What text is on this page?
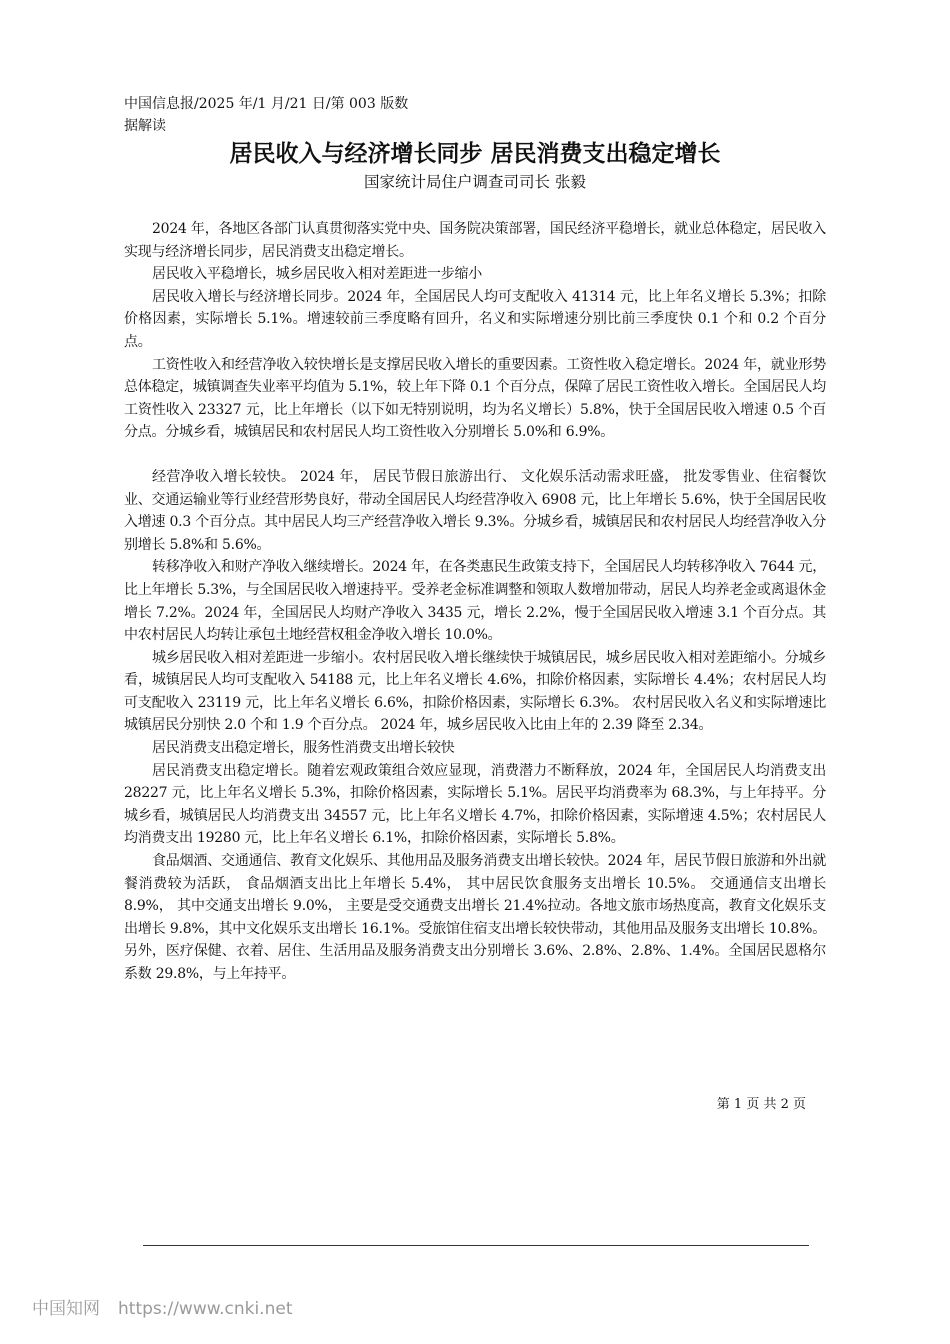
中国信息报/2025 年/1 月/21 日/第 003 版数据解读
居民收入与经济增长同步 居民消费支出稳定增长
国家统计局住户调查司司长 张毅

2024 年，各地区各部门认真贯彻落实党中央、国务院决策部署，国民经济平稳增长，就业总体稳定，居民收入实现与经济增长同步，居民消费支出稳定增长。

居民收入平稳增长，城乡居民收入相对差距进一步缩小

居民收入增长与经济增长同步。2024 年，全国居民人均可支配收入 41314 元，比上年名义增长 5.3%；扣除价格因素，实际增长 5.1%。增速较前三季度略有回升，名义和实际增速分别比前三季度快 0.1 个和 0.2 个百分点。

工资性收入和经营净收入较快增长是支撑居民收入增长的重要因素。工资性收入稳定增长。2024 年，就业形势总体稳定，城镇调查失业率平均值为 5.1%，较上年下降 0.1 个百分点，保障了居民工资性收入增长。全国居民人均工资性收入 23327 元，比上年增长（以下如无特别说明，均为名义增长）5.8%，快于全国居民收入增速 0.5 个百分点。分城乡看，城镇居民和农村居民人均工资性收入分别增长 5.0%和 6.9%。

经营净收入增长较快。 2024 年， 居民节假日旅游出行、 文化娱乐活动需求旺盛， 批发零售业、住宿餐饮业、交通运输业等行业经营形势良好，带动全国居民人均经营净收入 6908 元，比上年增长 5.6%，快于全国居民收入增速 0.3 个百分点。其中居民人均三产经营净收入增长 9.3%。分城乡看，城镇居民和农村居民人均经营净收入分别增长 5.8%和 5.6%。

转移净收入和财产净收入继续增长。2024 年，在各类惠民生政策支持下，全国居民人均转移净收入 7644 元，比上年增长 5.3%，与全国居民收入增速持平。受养老金标准调整和领取人数增加带动，居民人均养老金或离退休金增长 7.2%。2024 年，全国居民人均财产净收入 3435 元，增长 2.2%，慢于全国居民收入增速 3.1 个百分点。其中农村居民人均转让承包土地经营权租金净收入增长 10.0%。

城乡居民收入相对差距进一步缩小。农村居民收入增长继续快于城镇居民，城乡居民收入相对差距缩小。分城乡看，城镇居民人均可支配收入 54188 元，比上年名义增长 4.6%，扣除价格因素，实际增长 4.4%；农村居民人均可支配收入 23119 元，比上年名义增长 6.6%，扣除价格因素，实际增长 6.3%。 农村居民收入名义和实际增速比城镇居民分别快 2.0 个和 1.9 个百分点。 2024 年，城乡居民收入比由上年的 2.39 降至 2.34。

居民消费支出稳定增长，服务性消费支出增长较快

居民消费支出稳定增长。随着宏观政策组合效应显现，消费潜力不断释放，2024 年，全国居民人均消费支出 28227 元，比上年名义增长 5.3%，扣除价格因素，实际增长 5.1%。居民平均消费率为 68.3%，与上年持平。分城乡看，城镇居民人均消费支出 34557 元，比上年名义增长 4.7%，扣除价格因素，实际增速 4.5%；农村居民人均消费支出 19280 元，比上年名义增长 6.1%，扣除价格因素，实际增长 5.8%。

食品烟酒、交通通信、教育文化娱乐、其他用品及服务消费支出增长较快。2024 年，居民节假日旅游和外出就餐消费较为活跃， 食品烟酒支出比上年增长 5.4%， 其中居民饮食服务支出增长 10.5%。 交通通信支出增长 8.9%， 其中交通支出增长 9.0%， 主要是受交通费支出增长 21.4%拉动。各地文旅市场热度高，教育文化娱乐支出增长 9.8%，其中文化娱乐支出增长 16.1%。受旅馆住宿支出增长较快带动，其他用品及服务支出增长 10.8%。另外，医疗保健、衣着、居住、生活用品及服务消费支出分别增长 3.6%、2.8%、2.8%、1.4%。全国居民恩格尔系数 29.8%，与上年持平。

第 1 页 共 2 页
中国知网 https://www.cnki.net
